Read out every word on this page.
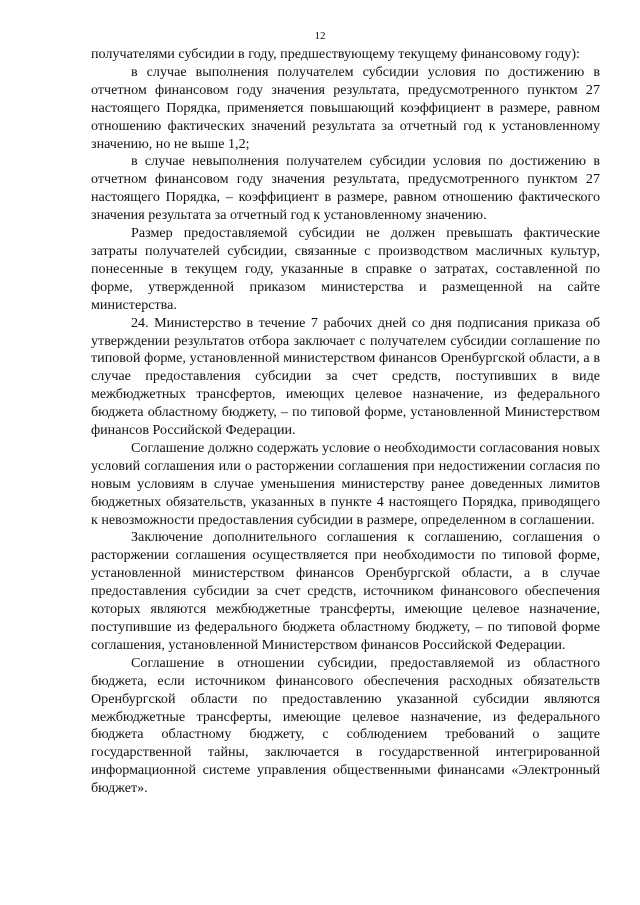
12

получателями субсидии в году, предшествующему текущему финансовому году):

в случае выполнения получателем субсидии условия по достижению в отчетном финансовом году значения результата, предусмотренного пунктом 27 настоящего Порядка, применяется повышающий коэффициент в размере, равном отношению фактических значений результата за отчетный год к установленному значению, но не выше 1,2;

в случае невыполнения получателем субсидии условия по достижению в отчетном финансовом году значения результата, предусмотренного пунктом 27 настоящего Порядка, – коэффициент в размере, равном отношению фактического значения результата за отчетный год к установленному значению.

Размер предоставляемой субсидии не должен превышать фактические затраты получателей субсидии, связанные с производством масличных культур, понесенные в текущем году, указанные в справке о затратах, составленной по форме, утвержденной приказом министерства и размещенной на сайте министерства.

24. Министерство в течение 7 рабочих дней со дня подписания приказа об утверждении результатов отбора заключает с получателем субсидии соглашение по типовой форме, установленной министерством финансов Оренбургской области, а в случае предоставления субсидии за счет средств, поступивших в виде межбюджетных трансфертов, имеющих целевое назначение, из федерального бюджета областному бюджету, – по типовой форме, установленной Министерством финансов Российской Федерации.

Соглашение должно содержать условие о необходимости согласования новых условий соглашения или о расторжении соглашения при недостижении согласия по новым условиям в случае уменьшения министерству ранее доведенных лимитов бюджетных обязательств, указанных в пункте 4 настоящего Порядка, приводящего к невозможности предоставления субсидии в размере, определенном в соглашении.

Заключение дополнительного соглашения к соглашению, соглашения о расторжении соглашения осуществляется при необходимости по типовой форме, установленной министерством финансов Оренбургской области, а в случае предоставления субсидии за счет средств, источником финансового обеспечения которых являются межбюджетные трансферты, имеющие целевое назначение, поступившие из федерального бюджета областному бюджету, – по типовой форме соглашения, установленной Министерством финансов Российской Федерации.

Соглашение в отношении субсидии, предоставляемой из областного бюджета, если источником финансового обеспечения расходных обязательств Оренбургской области по предоставлению указанной субсидии являются межбюджетные трансферты, имеющие целевое назначение, из федерального бюджета областному бюджету, с соблюдением требований о защите государственной тайны, заключается в государственной интегрированной информационной системе управления общественными финансами «Электронный бюджет».
